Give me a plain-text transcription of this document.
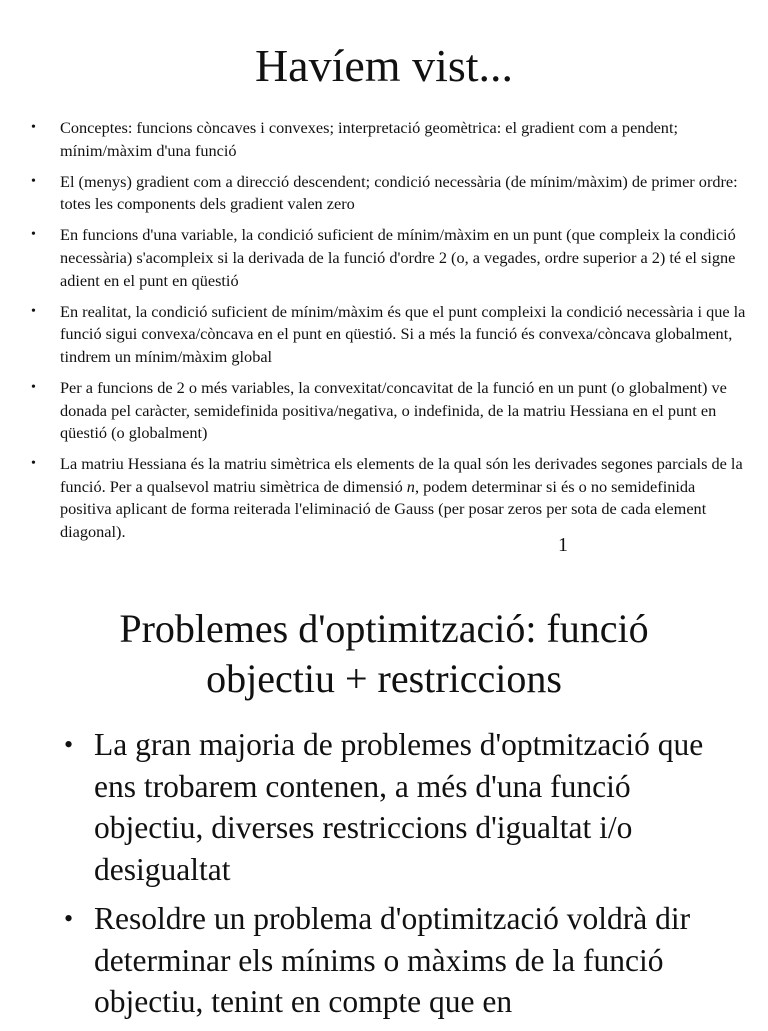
Havíem vist...
• Conceptes: funcions còncaves i convexes; interpretació geomètrica: el gradient com a pendent; mínim/màxim d'una funció
• El (menys) gradient com a direcció descendent; condició necessària (de mínim/màxim) de primer ordre: totes les components dels gradient valen zero
• En funcions d'una variable, la condició suficient de mínim/màxim en un punt (que compleix la condició necessària) s'acompleix si la derivada de la funció d'ordre 2 (o, a vegades, ordre superior a 2) té el signe adient en el punt en qüestió
• En realitat, la condició suficient de mínim/màxim és que el punt compleixi la condició necessària i que la funció sigui convexa/còncava en el punt en qüestió. Si a més la funció és convexa/còncava globalment, tindrem un mínim/màxim global
• Per a funcions de 2 o més variables, la convexitat/concavitat de la funció en un punt (o globalment) ve donada pel caràcter, semidefinida positiva/negativa, o indefinida, de la matriu Hessiana en el punt en qüestió (o globalment)
• La matriu Hessiana és la matriu simètrica els elements de la qual són les derivades segones parcials de la funció. Per a qualsevol matriu simètrica de dimensió n, podem determinar si és o no semidefinida positiva aplicant de forma reiterada l'eliminació de Gauss (per posar zeros per sota de cada element diagonal).
1
Problemes d'optimització: funció
objectiu + restriccions
• La gran majoria de problemes d'optmització que ens trobarem contenen, a més d'una funció objectiu, diverses restriccions d'igualtat i/o desigualtat
• Resoldre un problema d'optimització voldrà dir determinar els mínims o màxims de la funció objectiu, tenint en compte que en
